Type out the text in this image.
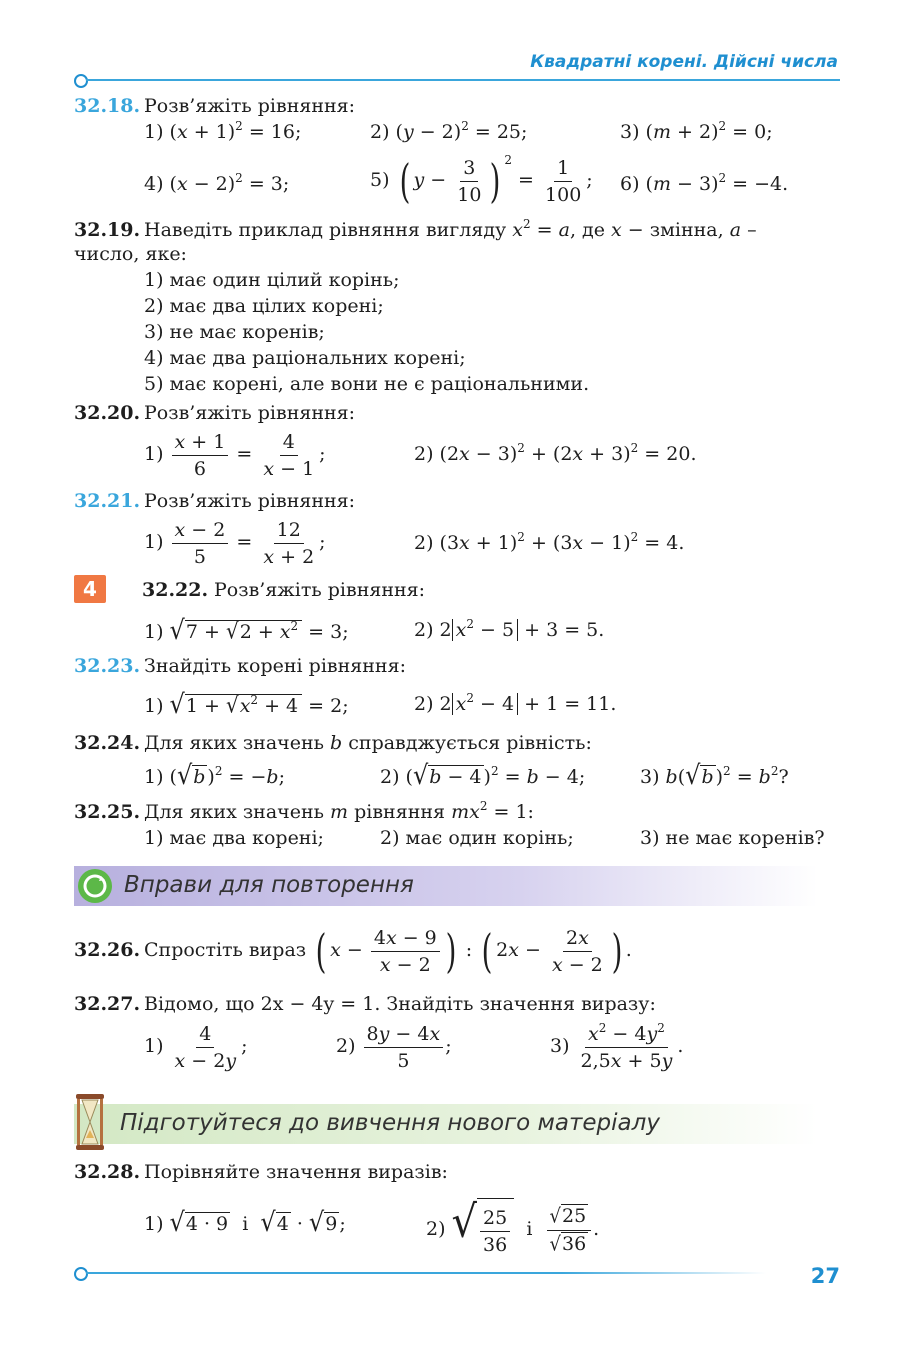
Квадратні корені. Дійсні числа
32.18. Розв’яжіть рівняння:
1) $(x + 1)^2 = 16$;	2) $(y - 2)^2 = 25$;	3) $(m + 2)^2 = 0$;
4) $(x - 2)^2 = 3$;	5) ( $y - \frac{3}{10}$ ) $^2 = \frac{1}{100}$ ; 6) $(m - 3)^2 = -4$.
32.19. Наведіть приклад рівняння вигляду $x^2 = a$, де x − змінна, a –
число, яке:
1) має один цілий корінь;
2) має два цілих корені;
3) не має коренів;
4) має два раціональних корені;
5) має корені, але вони не є раціональними.
32.20. Розв’яжіть рівняння:
$1) \frac{x + 1}{6} = \frac{4}{x - 1}$ ;	2) $(2x - 3)^2 + (2x + 3)^2 = 20$.
32.21. Розв’яжіть рівняння:
$1) \frac{x - 2}{5} = \frac{12}{x + 2}$ ;	2) $(3x + 1)^2 + (3x - 1)^2 = 4$.
4	32.22. Розв’яжіть рівняння:
1) $√7 + √2 + x^2 = 3$;	2) 2 $x^2 - 5 + 3 = 5$.
32.23. Знайдіть корені рівняння:
1) $√1 + √x^2 + 4 = 2$;	2) 2 $x^2 - 4 + 1 = 11$.
32.24. Для яких значень b справджується рівність:
1) (√b )$^2$ = −b;	2) (√b − 4 )$^2$ = b − 4;	3) b(√b )$^2 = b^2$?
32.25. Для яких значень m рівняння $mx^2 = 1$:
1) має два корені;	2) має один корінь;	3) не має коренів?
Вправи для повторення
32.26. Спростіть вираз ( $x - \frac{4x - 9}{x - 2}$ ) : ( $2x - \frac{2x}{x - 2}$ ) .
32.27. Відомо, що 2x − 4y = 1. Знайдіть значення виразу:
$1) \frac{4}{x - 2y}$ ;	$2) \frac{8y - 4x}{5}$ ;	$3) \frac{x^2 - 4y^2}{2,5x + 5y}$ .
Підготуйтеся до вивчення нового матеріалу
32.28. Порівняйте значення виразів:
1) √4 · 9 і √4 · √9 ;	2) √ $\frac{25}{36}$ і $\frac{√25}{√36}$ .
27
